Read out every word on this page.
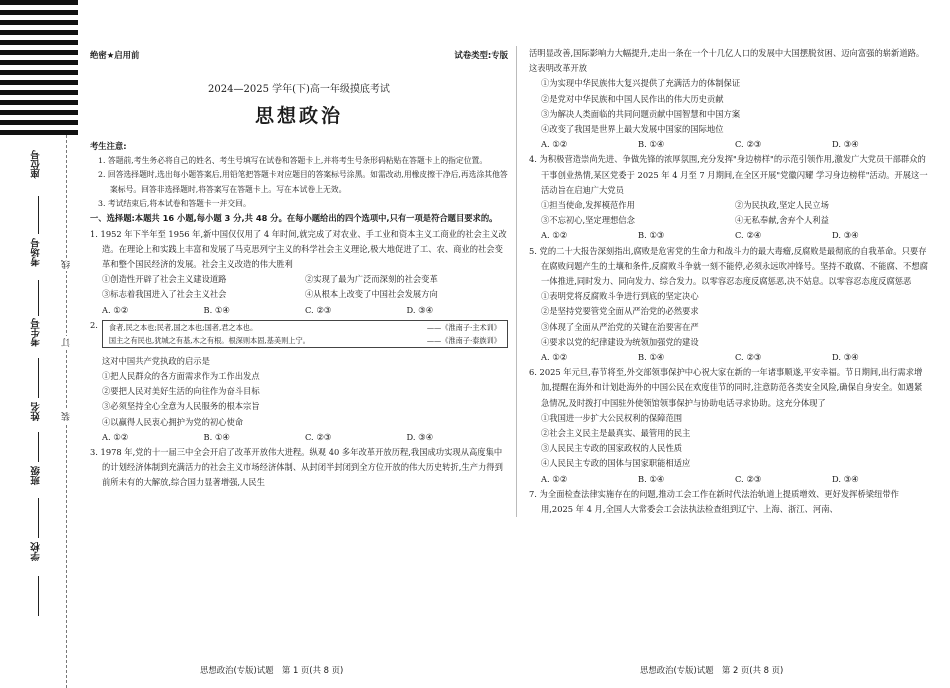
座位号
考场号
考生号
姓名
班级
学校
线
订
装
绝密★启用前	试卷类型:专版
2024—2025 学年(下)高一年级摸底考试
思想政治
考生注意:

1. 答题前,考生务必将自己的姓名、考生号填写在试卷和答题卡上,并将考生号条形码粘贴在答题卡上的指定位置。

2. 回答选择题时,选出每小题答案后,用铅笔把答题卡对应题目的答案标号涂黑。如需改动,用橡皮擦干净后,再选涂其他答案标号。回答非选择题时,将答案写在答题卡上。写在本试卷上无效。

3. 考试结束后,将本试卷和答题卡一并交回。

一、选择题:本题共 16 小题,每小题 3 分,共 48 分。在每小题给出的四个选项中,只有一项是符合题目要求的。

1. 1952 年下半年至 1956 年,新中国仅仅用了 4 年时间,就完成了对农业、手工业和资本主义工商业的社会主义改造。在理论上和实践上丰富和发展了马克思列宁主义的科学社会主义理论,极大地促进了工、农、商业的社会变革和整个国民经济的发展。社会主义改造的伟大胜利

①创造性开辟了社会主义建设道路	②实现了最为广泛而深刻的社会变革
③标志着我国进入了社会主义社会	④从根本上改变了中国社会发展方向
A. ①②	B. ①④	C. ②③	D. ③④
2. 食者,民之本也;民者,国之本也;国者,君之本也。	——《淮南子·主术训》
国主之有民也,犹城之有基,木之有根。根深则本固,基美则上宁。	——《淮南子·泰族训》
这对中国共产党执政的启示是
①把人民群众的各方面需求作为工作出发点
②要把人民对美好生活的向往作为奋斗目标
③必须坚持全心全意为人民服务的根本宗旨
④以赢得人民衷心拥护为党的初心使命
A. ①②	B. ①④	C. ②③	D. ③④

3. 1978 年,党的十一届三中全会开启了改革开放伟大进程。纵观 40 多年改革开放历程,我国成功实现从高度集中的计划经济体制到充满活力的社会主义市场经济体制、从封闭半封闭到全方位开放的伟大历史转折,生产力得到前所未有的大解放,综合国力显著增强,人民生

活明显改善,国际影响力大幅提升,走出一条在一个十几亿人口的发展中大国摆脱贫困、迈向富强的崭新道路。这表明改革开放
①为实现中华民族伟大复兴提供了充满活力的体制保证
②是党对中华民族和中国人民作出的伟大历史贡献
③为解决人类面临的共同问题贡献中国智慧和中国方案
④改变了我国是世界上最大发展中国家的国际地位
A. ①②	B. ①④	C. ②③	D. ③④

4. 为积极营造崇尚先进、争做先锋的浓厚氛围,充分发挥"身边榜样"的示范引领作用,激发广大党员干部群众的干事创业热情,某区党委于 2025 年 4 月至 7 月期间,在全区开展"党徽闪耀 学习身边榜样"活动。开展这一活动旨在启迪广大党员

①担当使命,发挥模范作用	②为民执政,坚定人民立场
③不忘初心,坚定理想信念	④无私奉献,舍弃个人利益
A. ①②	B. ①③	C. ②④	D. ③④

5. 党的二十大报告深刻指出,腐败是危害党的生命力和战斗力的最大毒瘤,反腐败是最彻底的自我革命。只要存在腐败问题产生的土壤和条件,反腐败斗争就一刻不能停,必须永远吹冲锋号。坚持不敢腐、不能腐、不想腐一体推进,同时发力、同向发力、综合发力。以零容忍态度反腐惩恶,决不姑息。以零容忍态度反腐惩恶

①表明党将反腐败斗争进行到底的坚定决心
②是坚持党要管党全面从严治党的必然要求
③体现了全面从严治党的关键在治要害在严
④要求以党的纪律建设为统领加强党的建设
A. ①②	B. ①④	C. ②③	D. ③④

6. 2025 年元旦,春节将至,外交部领事保护中心祝大家在新的一年诸事顺遂,平安幸福。节日期间,出行需求增加,提醒在海外和计划赴海外的中国公民在欢度佳节的同时,注意防范各类安全风险,确保自身安全。如遇紧急情况,及时拨打中国驻外使领馆领事保护与协助电话寻求协助。这充分体现了

①我国进一步扩大公民权利的保障范围
②社会主义民主是最真实、最管用的民主
③人民民主专政的国家政权的人民性质
④人民民主专政的国体与国家职能相适应
A. ①②	B. ①④	C. ②③	D. ③④

7. 为全面检查法律实施存在的问题,推动工会工作在新时代法治轨道上提质增效、更好发挥桥梁纽带作用,2025 年 4 月,全国人大常委会工会法执法检查组到辽宁、上海、浙江、河南、

思想政治(专版)试题　第 1 页(共 8 页)	思想政治(专版)试题　第 2 页(共 8 页)
